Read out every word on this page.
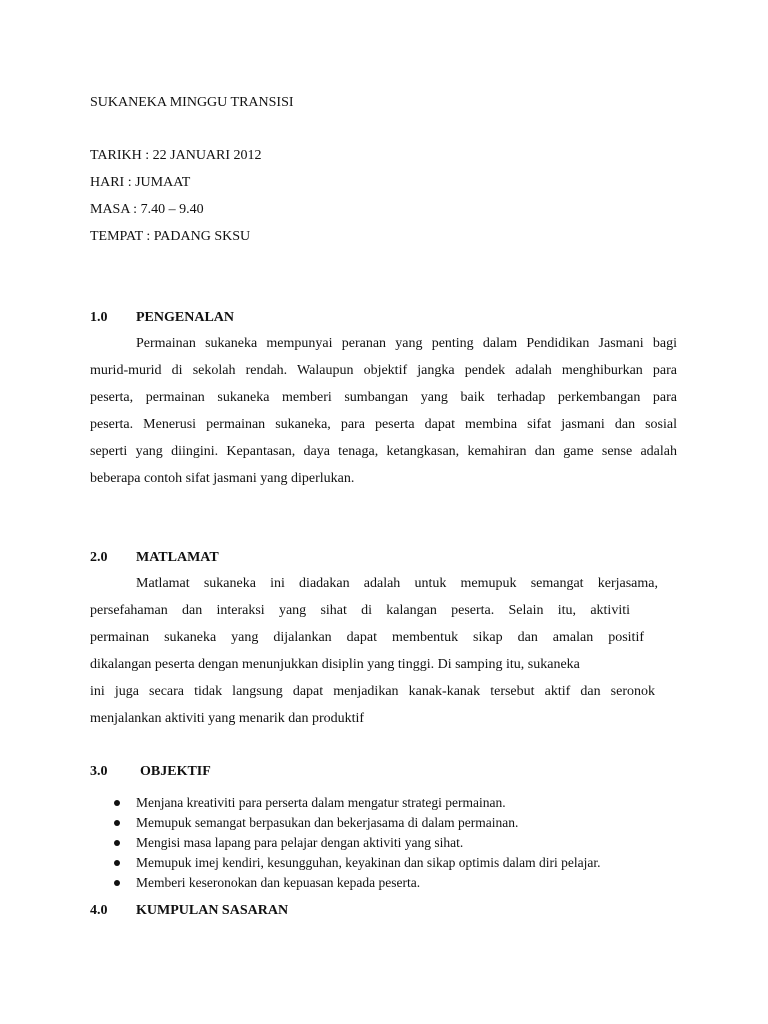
SUKANEKA MINGGU TRANSISI
TARIKH : 22 JANUARI 2012
HARI : JUMAAT
MASA : 7.40 – 9.40
TEMPAT : PADANG SKSU
1.0 PENGENALAN
Permainan sukaneka mempunyai peranan yang penting dalam Pendidikan Jasmani bagi
murid-murid di sekolah rendah. Walaupun objektif jangka pendek adalah menghiburkan para
peserta, permainan sukaneka memberi sumbangan yang baik terhadap perkembangan para
peserta. Menerusi permainan sukaneka, para peserta dapat membina sifat jasmani dan sosial
seperti yang diingini. Kepantasan, daya tenaga, ketangkasan, kemahiran dan game sense adalah
beberapa contoh sifat jasmani yang diperlukan.
2.0 MATLAMAT
Matlamat sukaneka ini diadakan adalah untuk memupuk semangat kerjasama,
persefahaman dan interaksi yang sihat di kalangan peserta. Selain itu, aktiviti
permainan sukaneka yang dijalankan dapat membentuk sikap dan amalan positif
dikalangan peserta dengan menunjukkan disiplin yang tinggi. Di samping itu, sukaneka
ini juga secara tidak langsung dapat menjadikan kanak-kanak tersebut aktif dan seronok
menjalankan aktiviti yang menarik dan produktif
3.0 OBJEKTIF
Menjana kreativiti para perserta dalam mengatur strategi permainan.
Memupuk semangat berpasukan dan bekerjasama di dalam permainan.
Mengisi masa lapang para pelajar dengan aktiviti yang sihat.
Memupuk imej kendiri, kesungguhan, keyakinan dan sikap optimis dalam diri pelajar.
Memberi keseronokan dan kepuasan kepada peserta.
4.0 KUMPULAN SASARAN
